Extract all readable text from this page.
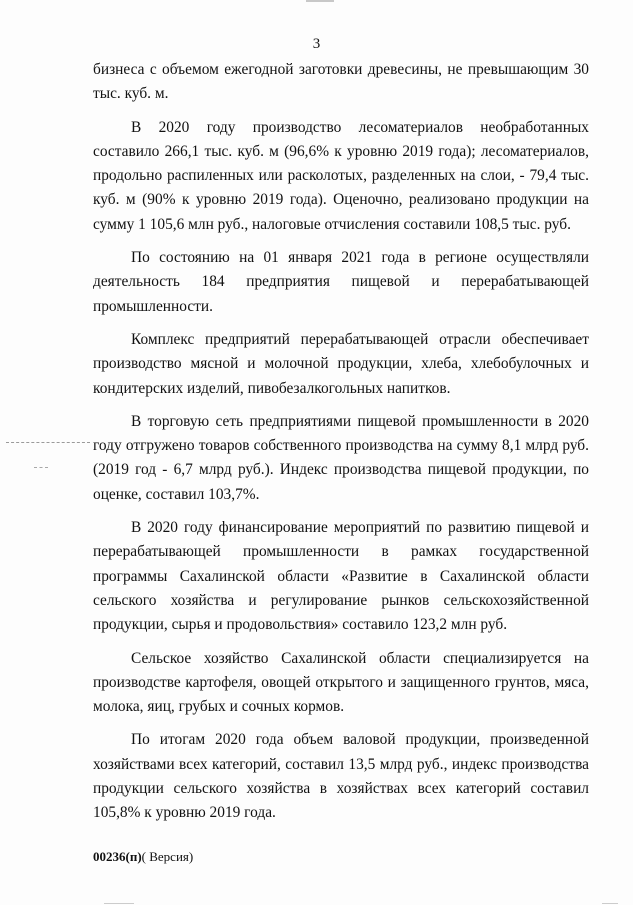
3

бизнеса с объемом ежегодной заготовки древесины, не превышающим 30 тыс. куб. м.

В 2020 году производство лесоматериалов необработанных составило 266,1 тыс. куб. м (96,6% к уровню 2019 года); лесоматериалов, продольно распиленных или расколотых, разделенных на слои, - 79,4 тыс. куб. м (90% к уровню 2019 года). Оценочно, реализовано продукции на сумму 1 105,6 млн руб., налоговые отчисления составили 108,5 тыс. руб.

По состоянию на 01 января 2021 года в регионе осуществляли деятельность 184 предприятия пищевой и перерабатывающей промышленности.

Комплекс предприятий перерабатывающей отрасли обеспечивает производство мясной и молочной продукции, хлеба, хлебобулочных и кондитерских изделий, пивобезалкогольных напитков.

В торговую сеть предприятиями пищевой промышленности в 2020 году отгружено товаров собственного производства на сумму 8,1 млрд руб. (2019 год - 6,7 млрд руб.). Индекс производства пищевой продукции, по оценке, составил 103,7%.

В 2020 году финансирование мероприятий по развитию пищевой и перерабатывающей промышленности в рамках государственной программы Сахалинской области «Развитие в Сахалинской области сельского хозяйства и регулирование рынков сельскохозяйственной продукции, сырья и продовольствия» составило 123,2 млн руб.

Сельское хозяйство Сахалинской области специализируется на производстве картофеля, овощей открытого и защищенного грунтов, мяса, молока, яиц, грубых и сочных кормов.

По итогам 2020 года объем валовой продукции, произведенной хозяйствами всех категорий, составил 13,5 млрд руб., индекс производства продукции сельского хозяйства в хозяйствах всех категорий составил 105,8% к уровню 2019 года.

00236(п)( Версия)
